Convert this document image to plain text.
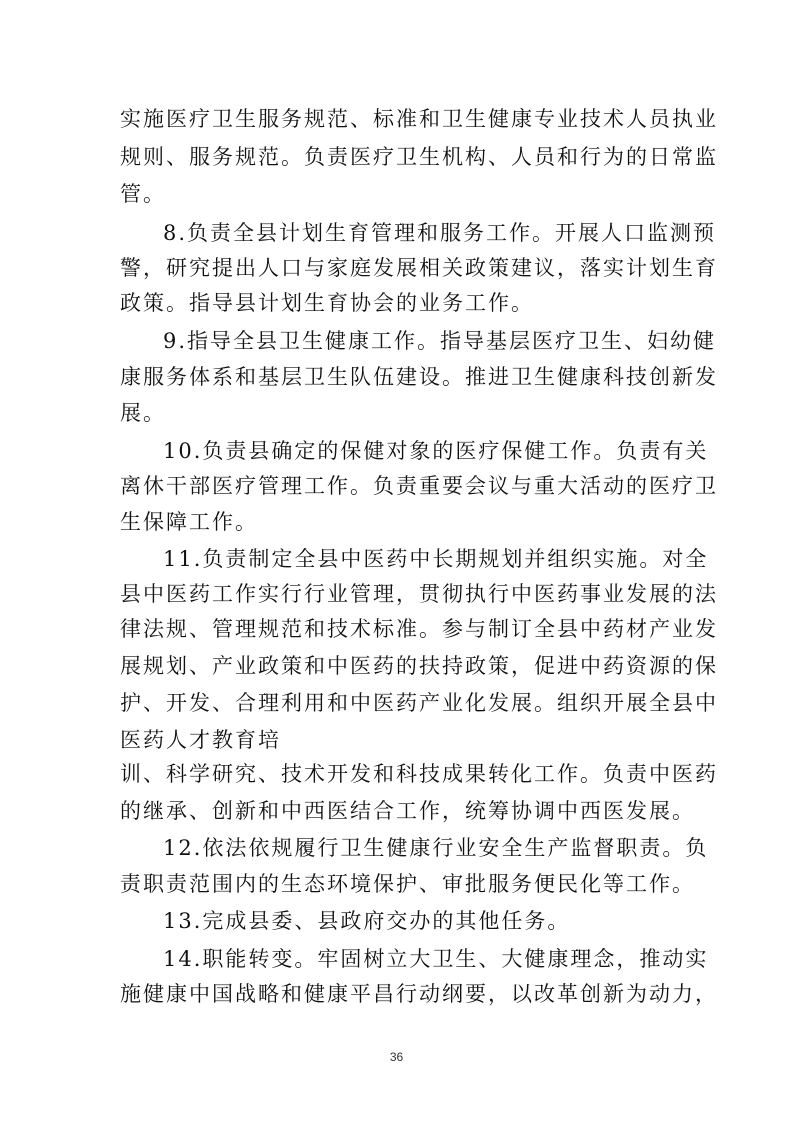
实施医疗卫生服务规范、标准和卫生健康专业技术人员执业
规则、服务规范。负责医疗卫生机构、人员和行为的日常监
管。
8.负责全县计划生育管理和服务工作。开展人口监测预
警，研究提出人口与家庭发展相关政策建议，落实计划生育
政策。指导县计划生育协会的业务工作。
9.指导全县卫生健康工作。指导基层医疗卫生、妇幼健
康服务体系和基层卫生队伍建设。推进卫生健康科技创新发
展。
10.负责县确定的保健对象的医疗保健工作。负责有关
离休干部医疗管理工作。负责重要会议与重大活动的医疗卫
生保障工作。
11.负责制定全县中医药中长期规划并组织实施。对全
县中医药工作实行行业管理，贯彻执行中医药事业发展的法
律法规、管理规范和技术标准。参与制订全县中药材产业发
展规划、产业政策和中医药的扶持政策，促进中药资源的保
护、开发、合理利用和中医药产业化发展。组织开展全县中
医药人才教育培
训、科学研究、技术开发和科技成果转化工作。负责中医药
的继承、创新和中西医结合工作，统筹协调中西医发展。
12.依法依规履行卫生健康行业安全生产监督职责。负
责职责范围内的生态环境保护、审批服务便民化等工作。
13.完成县委、县政府交办的其他任务。
14.职能转变。牢固树立大卫生、大健康理念，推动实
施健康中国战略和健康平昌行动纲要，以改革创新为动力，
36
